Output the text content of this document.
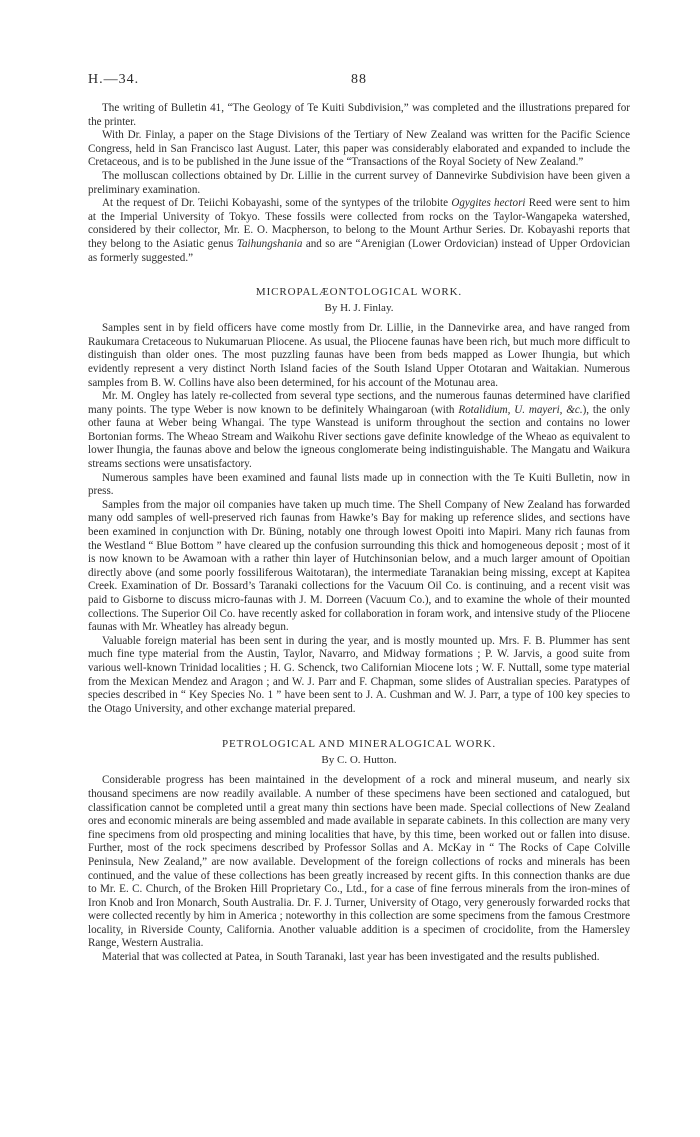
H.—34.	88

The writing of Bulletin 41, “The Geology of Te Kuiti Subdivision,” was completed and the illustrations prepared for the printer.

With Dr. Finlay, a paper on the Stage Divisions of the Tertiary of New Zealand was written for the Pacific Science Congress, held in San Francisco last August. Later, this paper was considerably elaborated and expanded to include the Cretaceous, and is to be published in the June issue of the “Transactions of the Royal Society of New Zealand.”

The molluscan collections obtained by Dr. Lillie in the current survey of Dannevirke Subdivision have been given a preliminary examination.

At the request of Dr. Teiichi Kobayashi, some of the syntypes of the trilobite Ogygites hectori Reed were sent to him at the Imperial University of Tokyo. These fossils were collected from rocks on the Taylor-Wangapeka watershed, considered by their collector, Mr. E. O. Macpherson, to belong to the Mount Arthur Series. Dr. Kobayashi reports that they belong to the Asiatic genus Taihungshania and so are “Arenigian (Lower Ordovician) instead of Upper Ordovician as formerly suggested.”

MICROPALÆONTOLOGICAL WORK.
By H. J. Finlay.

Samples sent in by field officers have come mostly from Dr. Lillie, in the Dannevirke area, and have ranged from Raukumara Cretaceous to Nukumaruan Pliocene. As usual, the Pliocene faunas have been rich, but much more difficult to distinguish than older ones. The most puzzling faunas have been from beds mapped as Lower Ihungia, but which evidently represent a very distinct North Island facies of the South Island Upper Ototaran and Waitakian. Numerous samples from B. W. Collins have also been determined, for his account of the Motunau area.

Mr. M. Ongley has lately re-collected from several type sections, and the numerous faunas determined have clarified many points. The type Weber is now known to be definitely Whaingaroan (with Rotalidium, U. mayeri, &c.), the only other fauna at Weber being Whangai. The type Wanstead is uniform throughout the section and contains no lower Bortonian forms. The Wheao Stream and Waikohu River sections gave definite knowledge of the Wheao as equivalent to lower Ihungia, the faunas above and below the igneous conglomerate being indistinguishable. The Mangatu and Waikura streams sections were unsatisfactory.

Numerous samples have been examined and faunal lists made up in connection with the Te Kuiti Bulletin, now in press.

Samples from the major oil companies have taken up much time. The Shell Company of New Zealand has forwarded many odd samples of well-preserved rich faunas from Hawke’s Bay for making up reference slides, and sections have been examined in conjunction with Dr. Büning, notably one through lowest Opoiti into Mapiri. Many rich faunas from the Westland “ Blue Bottom ” have cleared up the confusion surrounding this thick and homogeneous deposit ; most of it is now known to be Awamoan with a rather thin layer of Hutchinsonian below, and a much larger amount of Opoitian directly above (and some poorly fossiliferous Waitotaran), the intermediate Taranakian being missing, except at Kapitea Creek. Examination of Dr. Bossard’s Taranaki collections for the Vacuum Oil Co. is continuing, and a recent visit was paid to Gisborne to discuss micro-faunas with J. M. Dorreen (Vacuum Co.), and to examine the whole of their mounted collections. The Superior Oil Co. have recently asked for collaboration in foram work, and intensive study of the Pliocene faunas with Mr. Wheatley has already begun.

Valuable foreign material has been sent in during the year, and is mostly mounted up. Mrs. F. B. Plummer has sent much fine type material from the Austin, Taylor, Navarro, and Midway formations ; P. W. Jarvis, a good suite from various well-known Trinidad localities ; H. G. Schenck, two Californian Miocene lots ; W. F. Nuttall, some type material from the Mexican Mendez and Aragon ; and W. J. Parr and F. Chapman, some slides of Australian species. Paratypes of species described in “ Key Species No. 1 ” have been sent to J. A. Cushman and W. J. Parr, a type of 100 key species to the Otago University, and other exchange material prepared.

PETROLOGICAL AND MINERALOGICAL WORK.
By C. O. Hutton.

Considerable progress has been maintained in the development of a rock and mineral museum, and nearly six thousand specimens are now readily available. A number of these specimens have been sectioned and catalogued, but classification cannot be completed until a great many thin sections have been made. Special collections of New Zealand ores and economic minerals are being assembled and made available in separate cabinets. In this collection are many very fine specimens from old prospecting and mining localities that have, by this time, been worked out or fallen into disuse. Further, most of the rock specimens described by Professor Sollas and A. McKay in “ The Rocks of Cape Colville Peninsula, New Zealand,” are now available. Development of the foreign collections of rocks and minerals has been continued, and the value of these collections has been greatly increased by recent gifts. In this connection thanks are due to Mr. E. C. Church, of the Broken Hill Proprietary Co., Ltd., for a case of fine ferrous minerals from the iron-mines of Iron Knob and Iron Monarch, South Australia. Dr. F. J. Turner, University of Otago, very generously forwarded rocks that were collected recently by him in America ; noteworthy in this collection are some specimens from the famous Crestmore locality, in Riverside County, California. Another valuable addition is a specimen of crocidolite, from the Hamersley Range, Western Australia.

Material that was collected at Patea, in South Taranaki, last year has been investigated and the results published.
